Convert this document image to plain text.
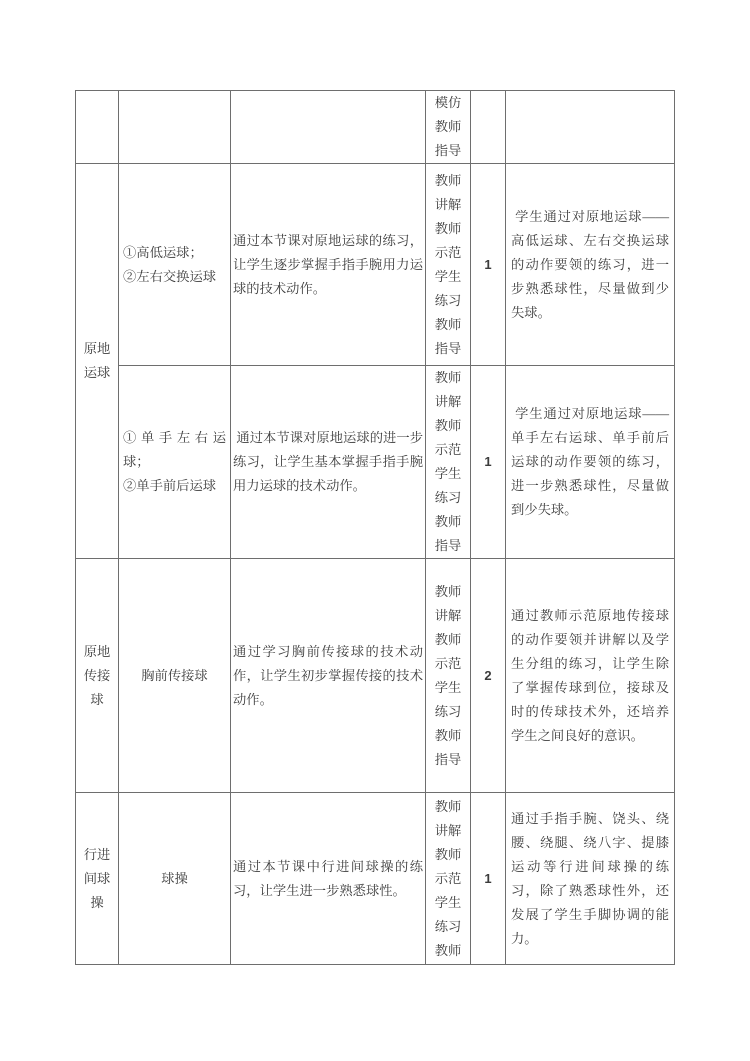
模仿
教师指导
原地运球
①高低运球；
②左右交换运球
通过本节课对原地运球的练习，让学生逐步掌握手指手腕用力运球的技术动作。
教师讲解
教师示范
学生练习
教师指导
1
学生通过对原地运球——高低运球、左右交换运球的动作要领的练习，进一步熟悉球性，尽量做到少失球。
①单手左右运球；
②单手前后运球
通过本节课对原地运球的进一步练习，让学生基本掌握手指手腕用力运球的技术动作。
教师讲解
教师示范
学生练习
教师指导
1
学生通过对原地运球——单手左右运球、单手前后运球的动作要领的练习，进一步熟悉球性，尽量做到少失球。
原地传接球
胸前传接球
通过学习胸前传接球的技术动作，让学生初步掌握传接的技术动作。
教师讲解
教师示范
学生练习
教师指导
2
通过教师示范原地传接球的动作要领并讲解以及学生分组的练习，让学生除了掌握传球到位，接球及时的传球技术外，还培养学生之间良好的意识。
行进间球操
球操
通过本节课中行进间球操的练习，让学生进一步熟悉球性。
教师讲解
教师示范
学生练习
教师
1
通过手指手腕、饶头、绕腰、绕腿、绕八字、提膝运动等行进间球操的练习，除了熟悉球性外，还发展了学生手脚协调的能力。
